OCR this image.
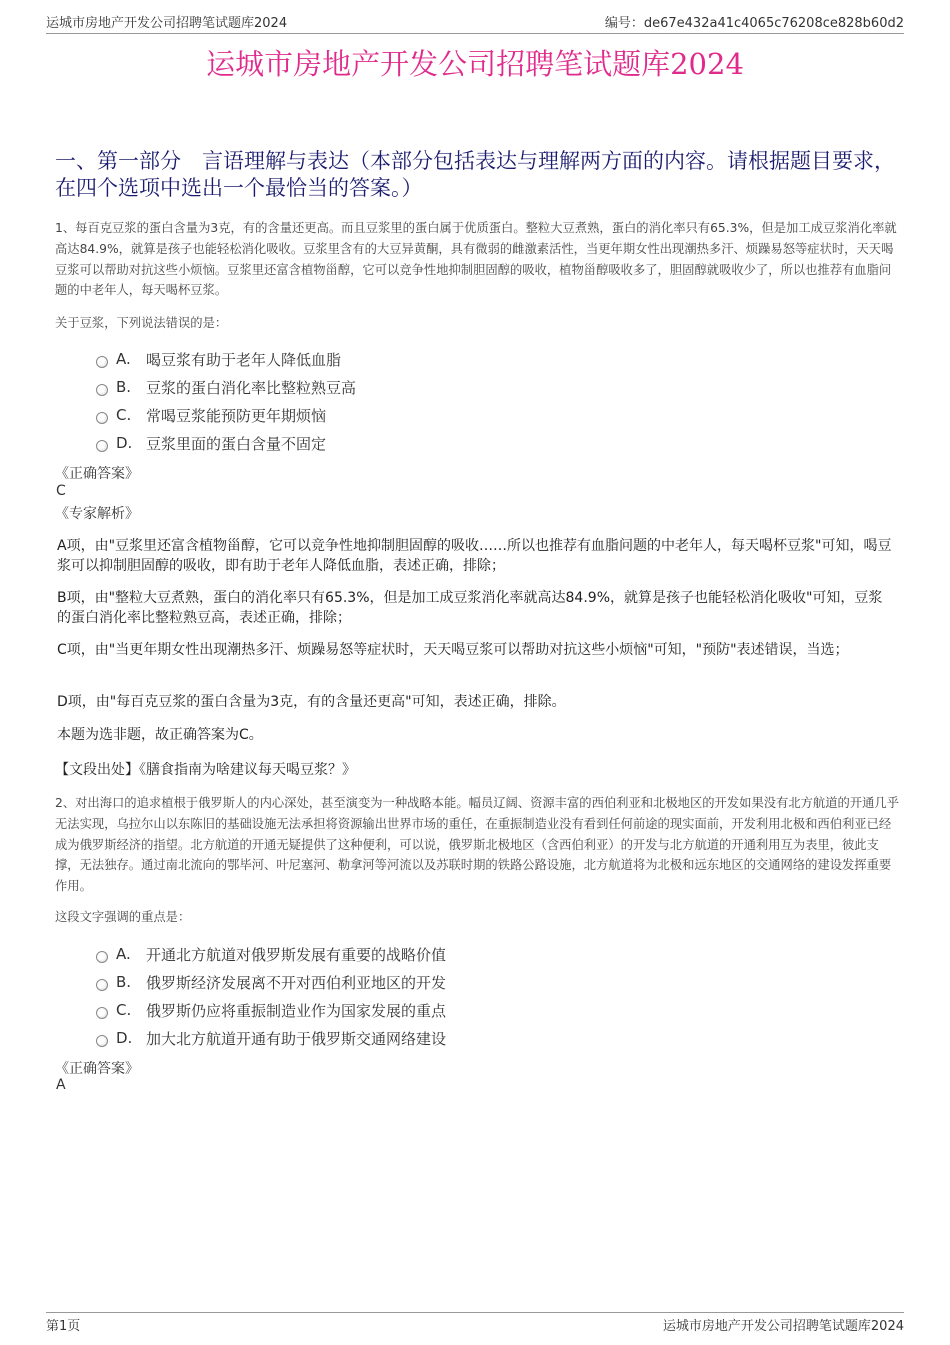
运城市房地产开发公司招聘笔试题库2024	编号：de67e432a41c4065c76208ce828b60d2
运城市房地产开发公司招聘笔试题库2024
一、第一部分　言语理解与表达（本部分包括表达与理解两方面的内容。请根据题目要求，在四个选项中选出一个最恰当的答案。）
1、每百克豆浆的蛋白含量为3克，有的含量还更高。而且豆浆里的蛋白属于优质蛋白。整粒大豆煮熟，蛋白的消化率只有65.3%，但是加工成豆浆消化率就高达84.9%，就算是孩子也能轻松消化吸收。豆浆里含有的大豆异黄酮，具有微弱的雌激素活性，当更年期女性出现潮热多汗、烦躁易怒等症状时，天天喝豆浆可以帮助对抗这些小烦恼。豆浆里还富含植物甾醇，它可以竞争性地抑制胆固醇的吸收，植物甾醇吸收多了，胆固醇就吸收少了，所以也推荐有血脂问题的中老年人，每天喝杯豆浆。
关于豆浆，下列说法错误的是：
A.	喝豆浆有助于老年人降低血脂
B. 豆浆的蛋白消化率比整粒熟豆高
C. 常喝豆浆能预防更年期烦恼
D. 豆浆里面的蛋白含量不固定
《正确答案》
C
《专家解析》
A项，由"豆浆里还富含植物甾醇，它可以竞争性地抑制胆固醇的吸收……所以也推荐有血脂问题的中老年人，每天喝杯豆浆"可知，喝豆浆可以抑制胆固醇的吸收，即有助于老年人降低血脂，表述正确，排除；
B项，由"整粒大豆煮熟，蛋白的消化率只有65.3%，但是加工成豆浆消化率就高达84.9%，就算是孩子也能轻松消化吸收"可知，豆浆的蛋白消化率比整粒熟豆高，表述正确，排除；
C项，由"当更年期女性出现潮热多汗、烦躁易怒等症状时，天天喝豆浆可以帮助对抗这些小烦恼"可知，"预防"表述错误，当选；
D项，由"每百克豆浆的蛋白含量为3克，有的含量还更高"可知，表述正确，排除。
本题为选非题，故正确答案为C。
【文段出处】《膳食指南为啥建议每天喝豆浆？》
2、对出海口的追求植根于俄罗斯人的内心深处，甚至演变为一种战略本能。幅员辽阔、资源丰富的西伯利亚和北极地区的开发如果没有北方航道的开通几乎无法实现，乌拉尔山以东陈旧的基础设施无法承担将资源输出世界市场的重任，在重振制造业没有看到任何前途的现实面前，开发利用北极和西伯利亚已经成为俄罗斯经济的指望。北方航道的开通无疑提供了这种便利，可以说，俄罗斯北极地区（含西伯利亚）的开发与北方航道的开通利用互为表里，彼此支撑，无法独存。通过南北流向的鄂毕河、叶尼塞河、勒拿河等河流以及苏联时期的铁路公路设施，北方航道将为北极和远东地区的交通网络的建设发挥重要作用。
这段文字强调的重点是：
A.	开通北方航道对俄罗斯发展有重要的战略价值
B. 俄罗斯经济发展离不开对西伯利亚地区的开发
C. 俄罗斯仍应将重振制造业作为国家发展的重点
D. 加大北方航道开通有助于俄罗斯交通网络建设
《正确答案》
A
第1页	运城市房地产开发公司招聘笔试题库2024
